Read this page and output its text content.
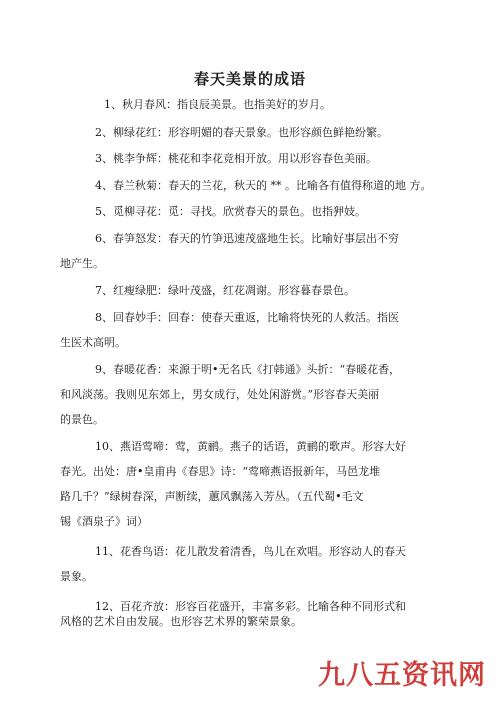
春天美景的成语
1、秋月春风：指良辰美景。也指美好的岁月。
2、柳绿花红：形容明媚的春天景象。也形容颜色鲜艳纷繁。
3、桃李争辉：桃花和李花竞相开放。用以形容春色美丽。
4、春兰秋菊：春天的兰花，秋天的 ** 。比喻各有值得称道的地 方。
5、觅柳寻花：觅：寻找。欣赏春天的景色。也指狎妓。
6、春笋怒发：春天的竹笋迅速茂盛地生长。比喻好事层出不穷
地产生。
7、红瘦绿肥：绿叶茂盛，红花凋谢。形容暮春景色。
8、回春妙手：回春：使春天重返，比喻将快死的人救活。指医
生医术高明。
9、春暖花香：来源于明•无名氏《打韩通》头折：“春暖花香，
和风淡荡。我则见东郊上，男女成行，处处闲游赏。”形容春天美丽
的景色。
10、燕语莺啼：莺，黄鹂。燕子的话语，黄鹂的歌声。形容大好
春光。出处：唐•皇甫冉《春思》诗：“莺啼燕语报新年，马邑龙堆
路几千？”绿树春深，声断续，蕙风飘荡入芳丛。（五代蜀•毛文
锡《酒泉子》词）
11、花香鸟语：花儿散发着清香，鸟儿在欢唱。形容动人的春天
景象。
12、百花齐放：形容百花盛开，丰富多彩。比喻各种不同形式和
风格的艺术自由发展。也形容艺术界的繁荣景象。
九八五资讯网
